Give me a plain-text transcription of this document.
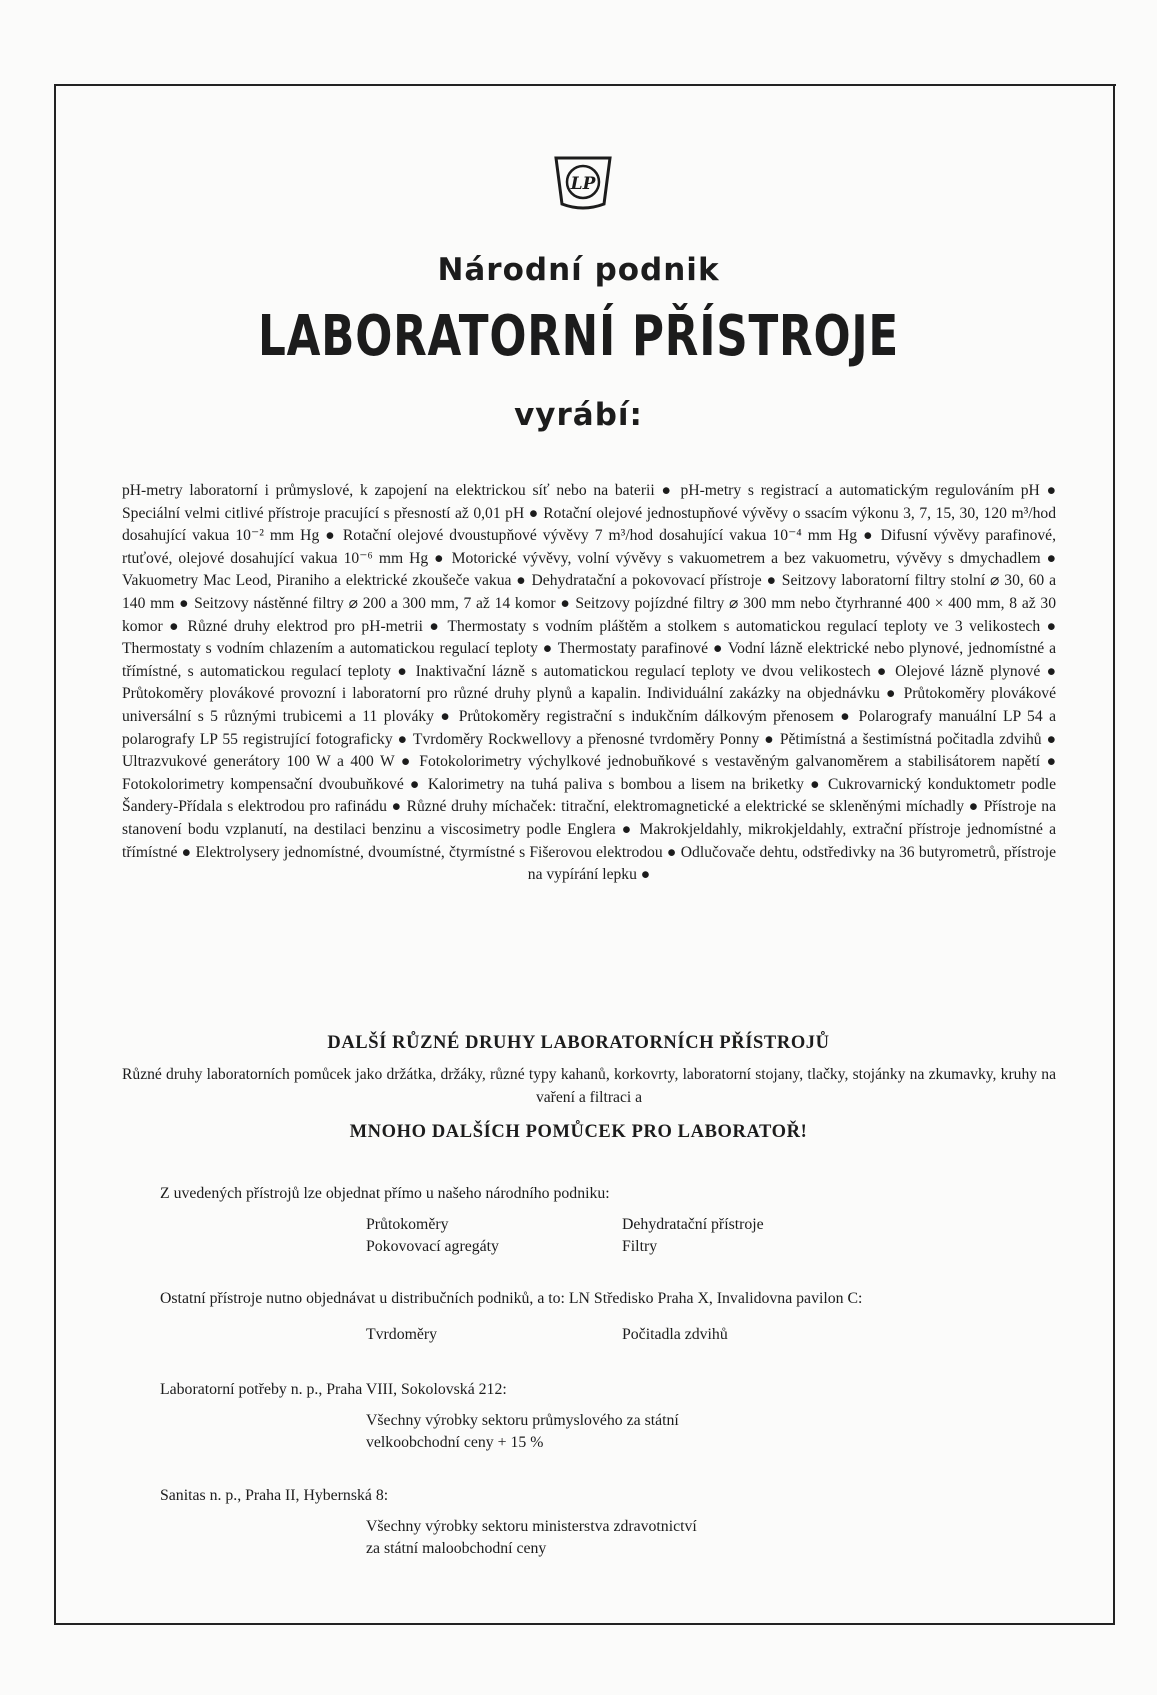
LP
Národní podnik
LABORATORNÍ PŘÍSTROJE
vyrábí:

pH-metry laboratorní i průmyslové, k zapojení na elektrickou síť nebo na baterii ● pH-metry s registrací a automatickým regulováním pH ● Speciální velmi citlivé přístroje pracující s přesností až 0,01 pH ● Rotační olejové jednostupňové vývěvy o ssacím výkonu 3, 7, 15, 30, 120 m³/hod dosahující vakua 10⁻² mm Hg ● Rotační olejové dvoustupňové vývěvy 7 m³/hod dosahující vakua 10⁻⁴ mm Hg ● Difusní vývěvy parafinové, rtuťové, olejové dosahující vakua 10⁻⁶ mm Hg ● Motorické vývěvy, volní vývěvy s vakuometrem a bez vakuometru, vývěvy s dmychadlem ● Vakuometry Mac Leod, Piraniho a elektrické zkoušeče vakua ● Dehydratační a pokovovací přístroje ● Seitzovy laboratorní filtry stolní ⌀ 30, 60 a 140 mm ● Seitzovy nástěnné filtry ⌀ 200 a 300 mm, 7 až 14 komor ● Seitzovy pojízdné filtry ⌀ 300 mm nebo čtyrhranné 400 × 400 mm, 8 až 30 komor ● Různé druhy elektrod pro pH-metrii ● Thermostaty s vodním pláštěm a stolkem s automatickou regulací teploty ve 3 velikostech ● Thermostaty s vodním chlazením a automatickou regulací teploty ● Thermostaty parafinové ● Vodní lázně elektrické nebo plynové, jednomístné a třímístné, s automatickou regulací teploty ● Inaktivační lázně s automatickou regulací teploty ve dvou velikostech ● Olejové lázně plynové ● Průtokoměry plovákové provozní i laboratorní pro různé druhy plynů a kapalin. Individuální zakázky na objednávku ● Průtokoměry plovákové universální s 5 různými trubicemi a 11 plováky ● Průtokoměry registrační s indukčním dálkovým přenosem ● Polarografy manuální LP 54 a polarografy LP 55 registrující fotograficky ● Tvrdoměry Rockwellovy a přenosné tvrdoměry Ponny ● Pětimístná a šestimístná počitadla zdvihů ● Ultrazvukové generátory 100 W a 400 W ● Fotokolorimetry výchylkové jednobuňkové s vestavěným galvanoměrem a stabilisátorem napětí ● Fotokolorimetry kompensační dvoubuňkové ● Kalorimetry na tuhá paliva s bombou a lisem na briketky ● Cukrovarnický konduktometr podle Šandery-Přídala s elektrodou pro rafinádu ● Různé druhy míchaček: titrační, elektromagnetické a elektrické se skleněnými míchadly ● Přístroje na stanovení bodu vzplanutí, na destilaci benzinu a viscosimetry podle Englera ● Makrokjeldahly, mikrokjeldahly, extrační přístroje jednomístné a třímístné ● Elektrolysery jednomístné, dvoumístné, čtyrmístné s Fišerovou elektrodou ● Odlučovače dehtu, odstředivky na 36 butyrometrů, přístroje na vypírání lepku ●

DALŠÍ RŮZNÉ DRUHY LABORATORNÍCH PŘÍSTROJŮ

Různé druhy laboratorních pomůcek jako držátka, držáky, různé typy kahanů, korkovrty, laboratorní stojany, tlačky, stojánky na zkumavky, kruhy na vaření a filtraci a

MNOHO DALŠÍCH POMŮCEK PRO LABORATOŘ!
Z uvedených přístrojů lze objednat přímo u našeho národního podniku:
Průtokoměry	Dehydratační přístroje
Pokovovací agregáty	Filtry
Ostatní přístroje nutno objednávat u distribučních podniků, a to: LN Středisko Praha X, Invalidovna pavilon C:
Tvrdoměry	Počitadla zdvihů
Laboratorní potřeby n. p., Praha VIII, Sokolovská 212:

Všechny výrobky sektoru průmyslového za státní

velkoobchodní ceny + 15 %

Sanitas n. p., Praha II, Hybernská 8:

Všechny výrobky sektoru ministerstva zdravotnictví

za státní maloobchodní ceny
